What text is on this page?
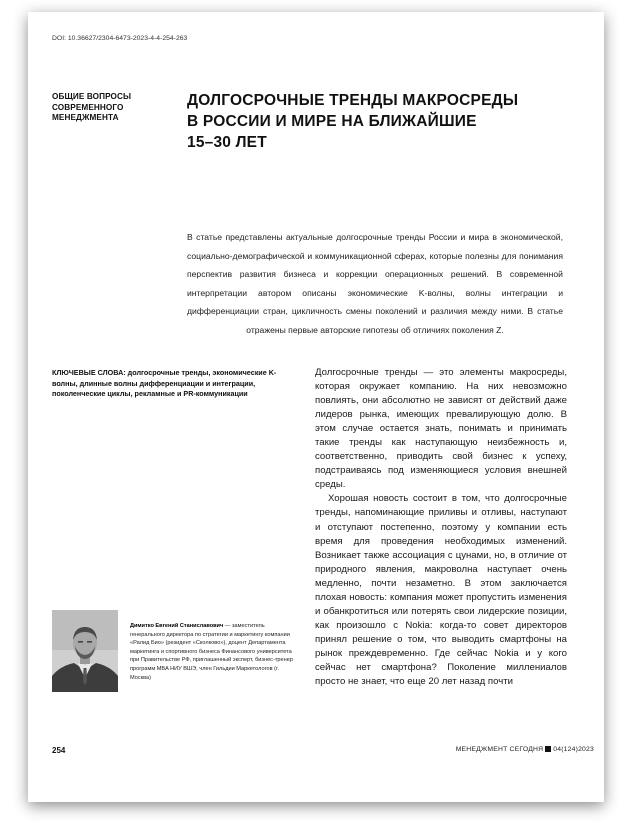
DOI: 10.36627/2304-6473-2023-4-4-254-263
ОБЩИЕ ВОПРОСЫ
СОВРЕМЕННОГО
МЕНЕДЖМЕНТА
ДОЛГОСРОЧНЫЕ ТРЕНДЫ МАКРОСРЕДЫ
В РОССИИ И МИРЕ НА БЛИЖАЙШИЕ
15–30 ЛЕТ
В статье представлены актуальные долгосрочные тренды России и мира в экономической, социально-демографической и коммуникационной сферах, которые полезны для понимания перспектив развития бизнеса и коррекции операционных решений. В современной интерпретации автором описаны экономические K-волны, волны интеграции и дифференциации стран, цикличность смены поколений и различия между ними. В статье отражены первые авторские гипотезы об отличиях поколения Z.
КЛЮЧЕВЫЕ СЛОВА: долгосрочные тренды, экономические K-волны, длинные волны дифференциации и интеграции, поколенческие циклы, рекламные и PR-коммуникации

Долгосрочные тренды — это элементы макросреды, которая окружает компанию. На них невозможно повлиять, они абсолютно не зависят от действий даже лидеров рынка, имеющих превалирующую долю. В этом случае остается знать, понимать и принимать такие тренды как наступающую неизбежность и, соответственно, приводить свой бизнес к успеху, подстраиваясь под изменяющиеся условия внешней среды.

Хорошая новость состоит в том, что долгосрочные тренды, напоминающие приливы и отливы, наступают и отступают постепенно, поэтому у компании есть время для проведения необходимых изменений. Возникает также ассоциация с цунами, но, в отличие от природного явления, макроволна наступает очень медленно, почти незаметно. В этом заключается плохая новость: компания может пропустить изменения и обанкротиться или потерять свои лидерские позиции, как произошло с Nokia: когда-то совет директоров принял решение о том, что выводить смартфоны на рынок преждевременно. Где сейчас Nokia и у кого сейчас нет смартфона? Поколение миллениалов просто не знает, что еще 20 лет назад почти

Димитко Евгений Станиславович — заместитель генерального директора по стратегии и маркетингу компании «Ралид Био» (резидент «Сколково»), доцент Департамента маркетинга и спортивного бизнеса Финансового университета при Правительстве РФ, приглашенный эксперт, бизнес-тренер программ MBA НИУ ВШЭ, член Гильдии Маркетологов (г. Москва)
254	МЕНЕДЖМЕНТ СЕГОДНЯ 04(124)2023
